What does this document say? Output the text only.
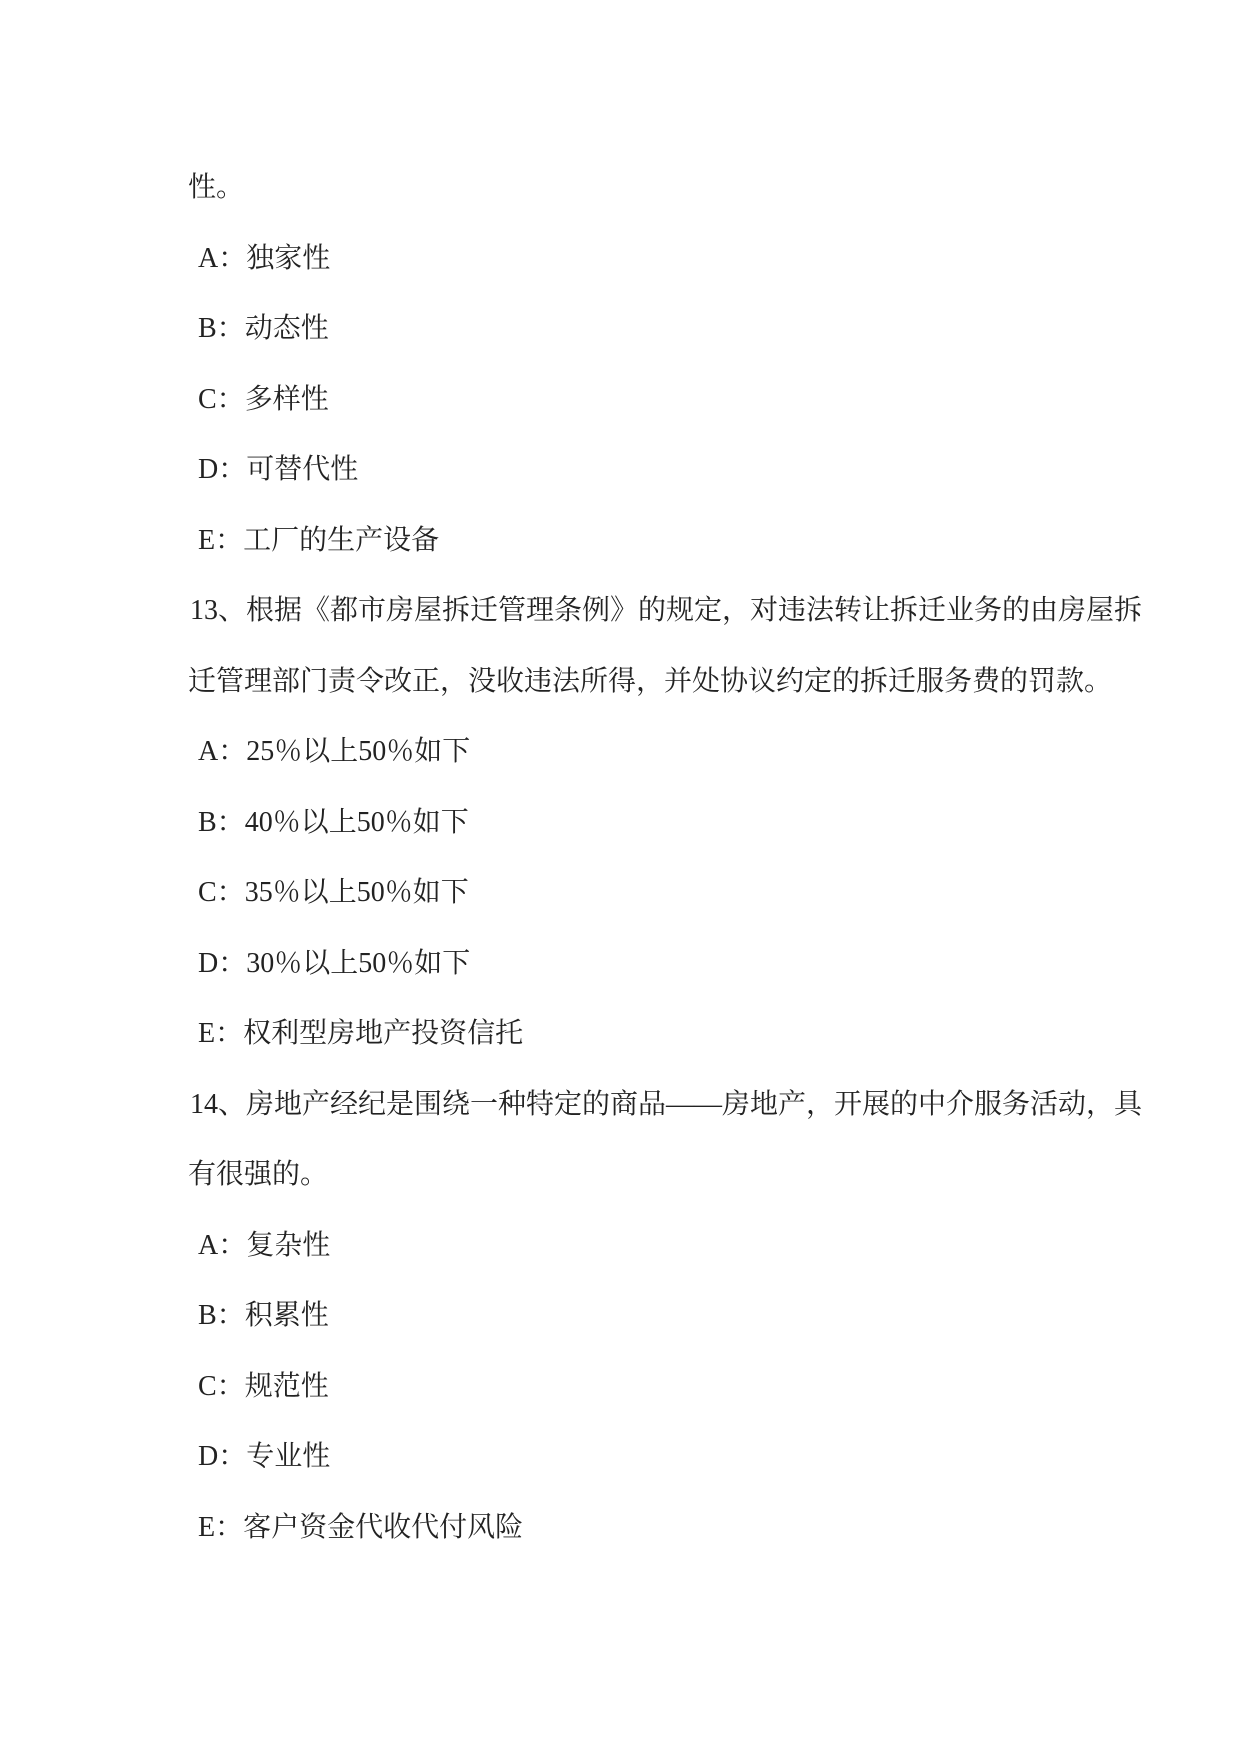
性。
A：独家性
B：动态性
C：多样性
D：可替代性
E：工厂的生产设备
13、根据《都市房屋拆迁管理条例》的规定，对违法转让拆迁业务的由房屋拆
迁管理部门责令改正，没收违法所得，并处协议约定的拆迁服务费的罚款。
A：25％以上50％如下
B：40％以上50％如下
C：35％以上50％如下
D：30％以上50％如下
E：权利型房地产投资信托
14、房地产经纪是围绕一种特定的商品——房地产，开展的中介服务活动，具
有很强的。
A：复杂性
B：积累性
C：规范性
D：专业性
E：客户资金代收代付风险
